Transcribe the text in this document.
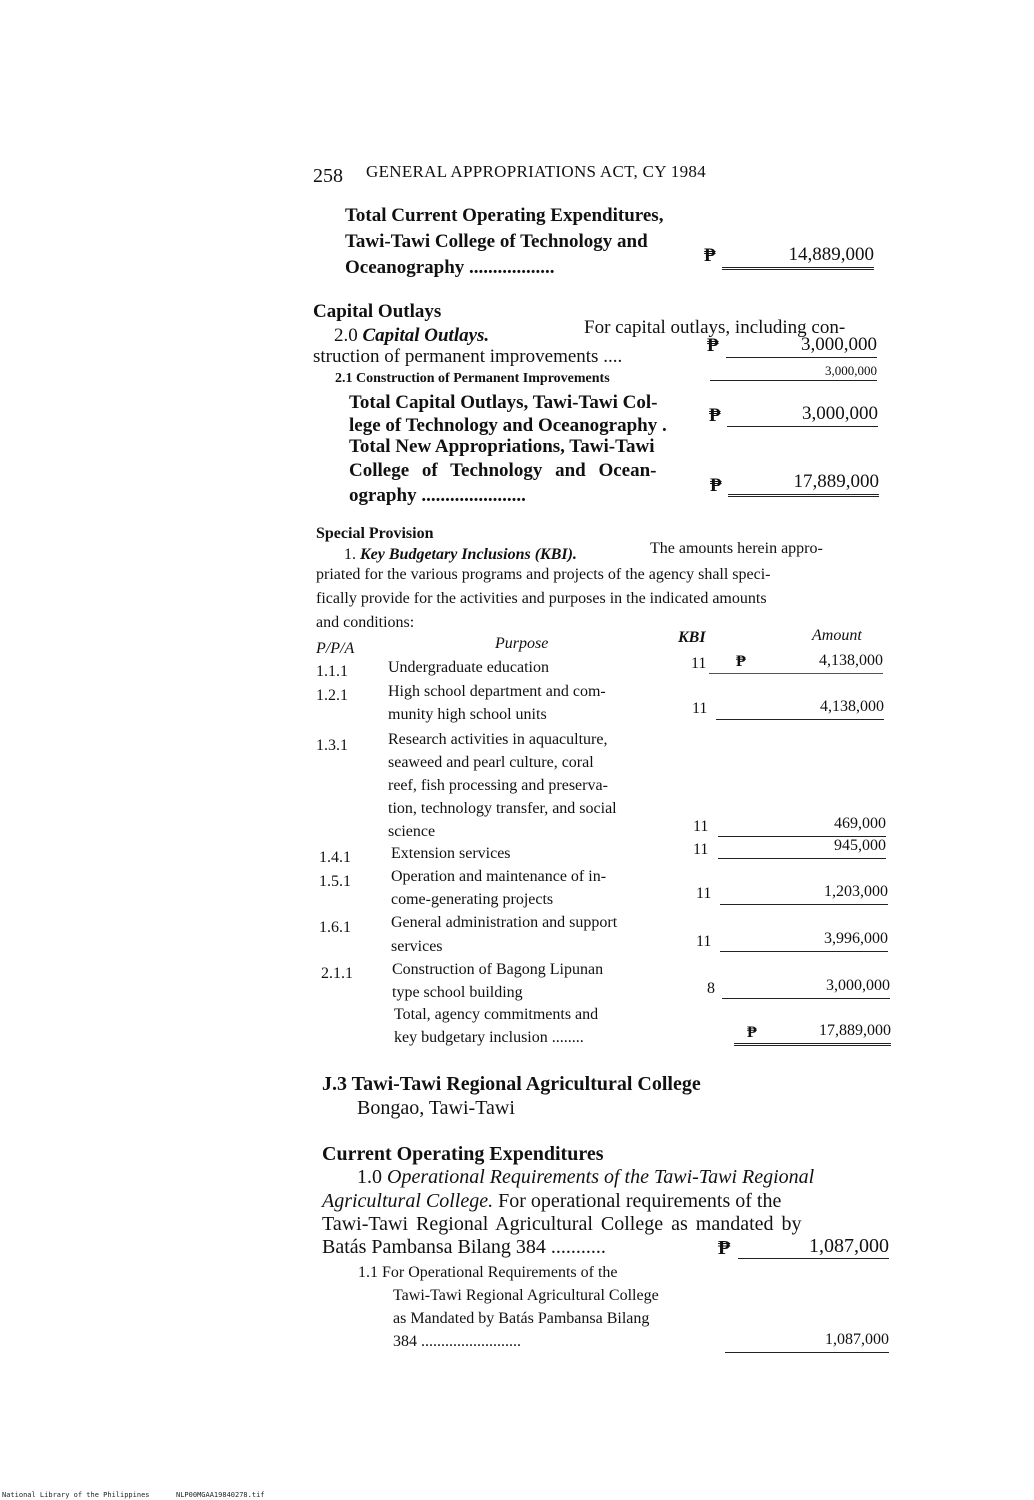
258 GENERAL APPROPRIATIONS ACT, CY 1984
Total Current Operating Expenditures,
Tawi-Tawi College of Technology and
Oceanography ..................
₱	14,889,000
Capital Outlays
2.0 Capital Outlays.	For capital outlays, including con-
struction of permanent improvements ....
₱	3,000,000
2.1 Construction of Permanent Improvements
3,000,000
Total Capital Outlays, Tawi-Tawi Col-
lege of Technology and Oceanography . ₱	3,000,000
Total New Appropriations, Tawi-Tawi
College of Technology and Ocean-
ography ......................	₱	17,889,000
Special Provision
1. Key Budgetary Inclusions (KBI).	The amounts herein appro-
priated for the various programs and projects of the agency shall speci-
fically provide for the activities and purposes in the indicated amounts
and conditions:
P/P/A	Purpose	KBI	Amount
1.1.1	Undergraduate education	11 ₱	4,138,000
1.2.1	High school department and com-
munity high school units	11	4,138,000
1.3.1	Research activities in aquaculture,
seaweed and pearl culture, coral
reef, fish processing and preserva-
tion, technology transfer, and social
science	11	469,000
1.4.1	Extension services	11	945,000
1.5.1	Operation and maintenance of in-
come-generating projects	11	1,203,000
1.6.1	General administration and support
services	11	3,996,000
2.1.1 Construction of Bagong Lipunan
type school building	8	3,000,000
Total, agency commitments and
key budgetary inclusion ........	₱	17,889,000
J.3 Tawi-Tawi Regional Agricultural College
Bongao, Tawi-Tawi
Current Operating Expenditures
1.0 Operational Requirements of the Tawi-Tawi Regional
Agricultural College. For operational requirements of the
Tawi-Tawi Regional Agricultural College as mandated by
Batás Pambansa Bilang 384 ...........	₱	1,087,000
1.1 For Operational Requirements of the
Tawi-Tawi Regional Agricultural College
as Mandated by Batás Pambansa Bilang
384 .........................	1,087,000
National Library of the Philippines	NLP00MGAA19840278.tif
